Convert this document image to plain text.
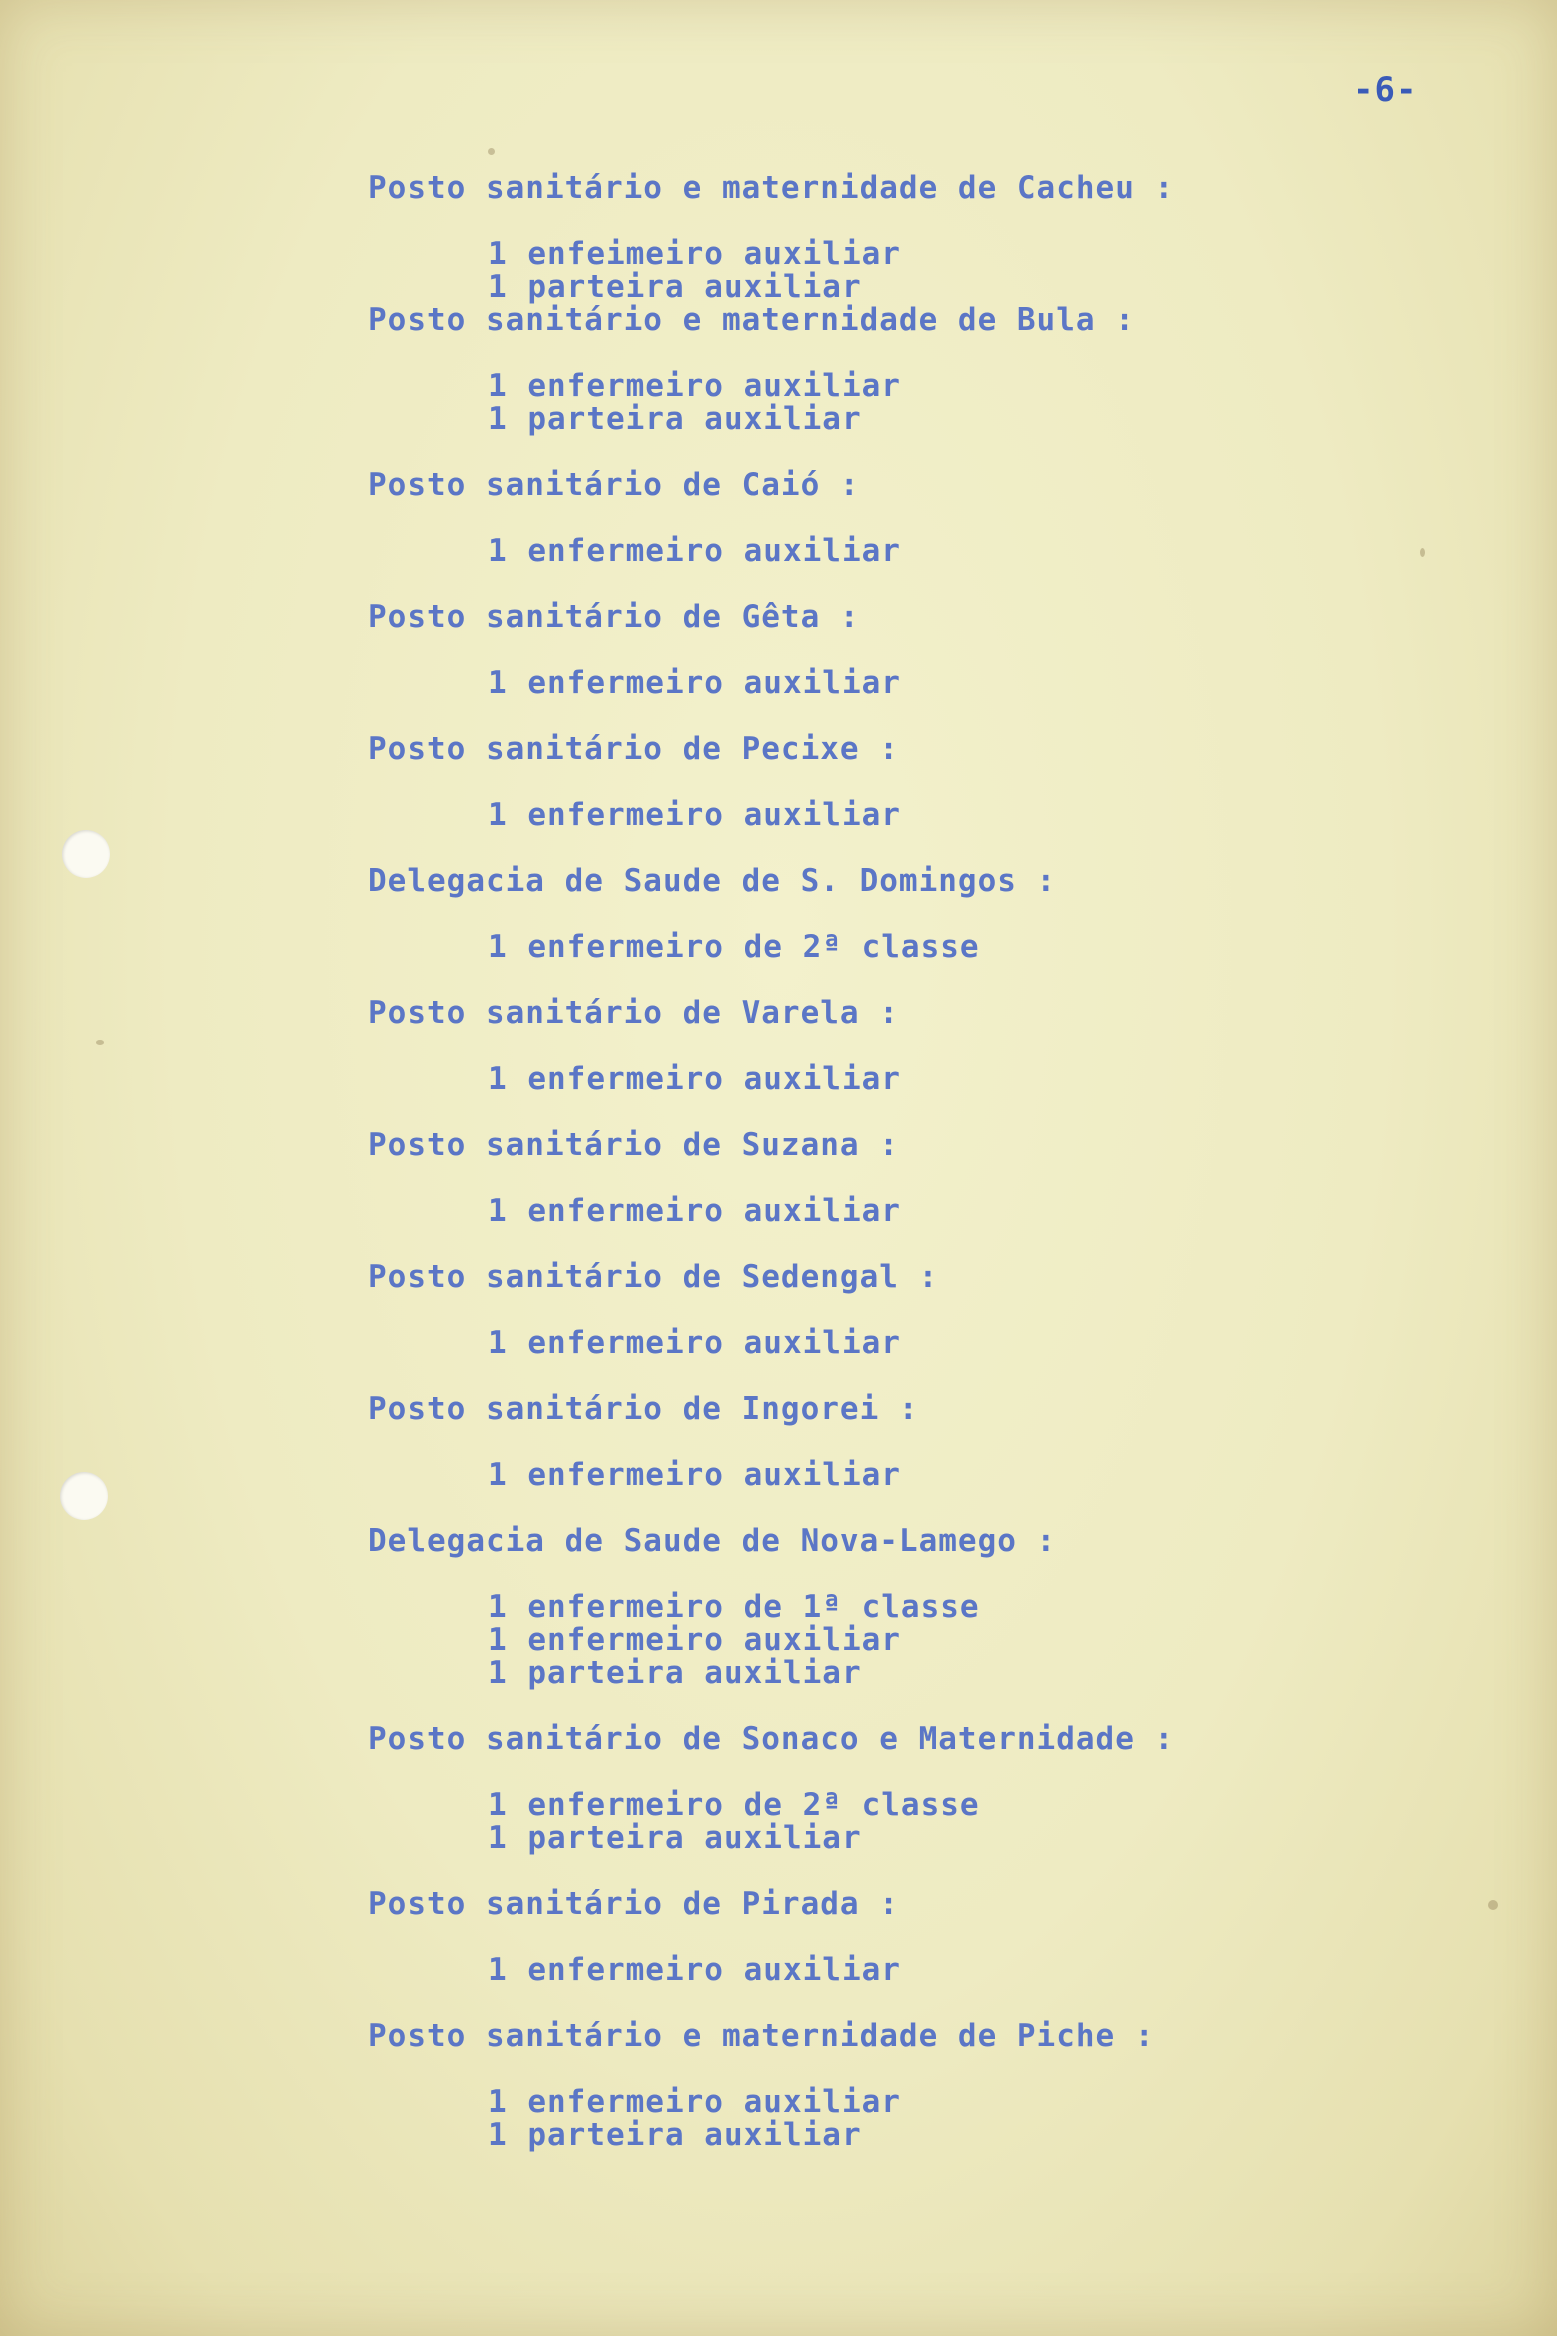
-6-
Posto sanitário e maternidade de Cacheu :
1 enfeimeiro auxiliar
1 parteira auxiliar
Posto sanitário e maternidade de Bula :
1 enfermeiro auxiliar
1 parteira auxiliar
Posto sanitário de Caió :
1 enfermeiro auxiliar
Posto sanitário de Gêta :
1 enfermeiro auxiliar
Posto sanitário de Pecixe :
1 enfermeiro auxiliar
Delegacia de Saude de S. Domingos :
1 enfermeiro de 2ª classe
Posto sanitário de Varela :
1 enfermeiro auxiliar
Posto sanitário de Suzana :
1 enfermeiro auxiliar
Posto sanitário de Sedengal :
1 enfermeiro auxiliar
Posto sanitário de Ingorei :
1 enfermeiro auxiliar
Delegacia de Saude de Nova-Lamego :
1 enfermeiro de 1ª classe
1 enfermeiro auxiliar
1 parteira auxiliar
Posto sanitário de Sonaco e Maternidade :
1 enfermeiro de 2ª classe
1 parteira auxiliar
Posto sanitário de Pirada :
1 enfermeiro auxiliar
Posto sanitário e maternidade de Piche :
1 enfermeiro auxiliar
1 parteira auxiliar
